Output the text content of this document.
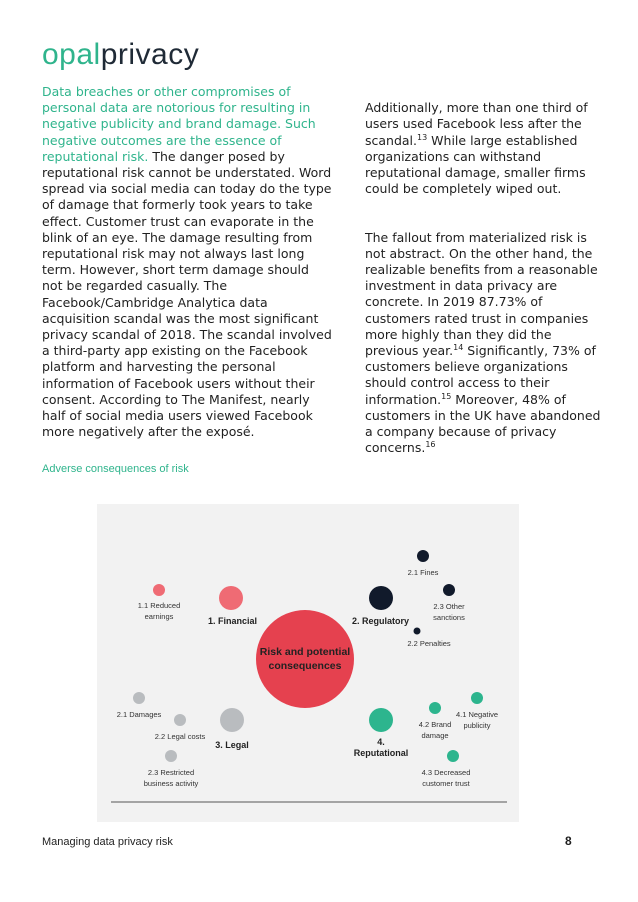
opalprivacy
Data breaches or other compromises of personal data are notorious for resulting in negative publicity and brand damage. Such negative outcomes are the essence of reputational risk. The danger posed by reputational risk cannot be understated. Word spread via social media can today do the type of damage that formerly took years to take effect. Customer trust can evaporate in the blink of an eye. The damage resulting from reputational risk may not always last long term. However, short term damage should not be regarded casually. The Facebook/Cambridge Analytica data acquisition scandal was the most significant privacy scandal of 2018. The scandal involved a third-party app existing on the Facebook platform and harvesting the personal information of Facebook users without their consent. According to The Manifest, nearly half of social media users viewed Facebook more negatively after the exposé.

Additionally, more than one third of users used Facebook less after the scandal.$^{13}$ While large established organizations can withstand reputational damage, smaller firms could be completely wiped out.

The fallout from materialized risk is not abstract. On the other hand, the realizable benefits from a reasonable investment in data privacy are concrete. In 2019 87.73% of customers rated trust in companies more highly than they did the previous year.$^{14}$ Significantly, 73% of customers believe organizations should control access to their information.$^{15}$ Moreover, 48% of customers in the UK have abandoned a company because of privacy concerns.$^{16}$

Adverse consequences of risk
Risk and potential
consequences
1. Financial
1.1 Reduced
earnings	2. Regulatory
2.1 Fines
2.3 Other
sanctions
2.2 Penalties
3. Legal
2.1 Damages
2.2 Legal costs
2.3 Restricted
business activity
4.
Reputational
4.1 Negative
publicity
4.2 Brand
damage
4.3 Decreased
customer trust
Managing data privacy risk	8
